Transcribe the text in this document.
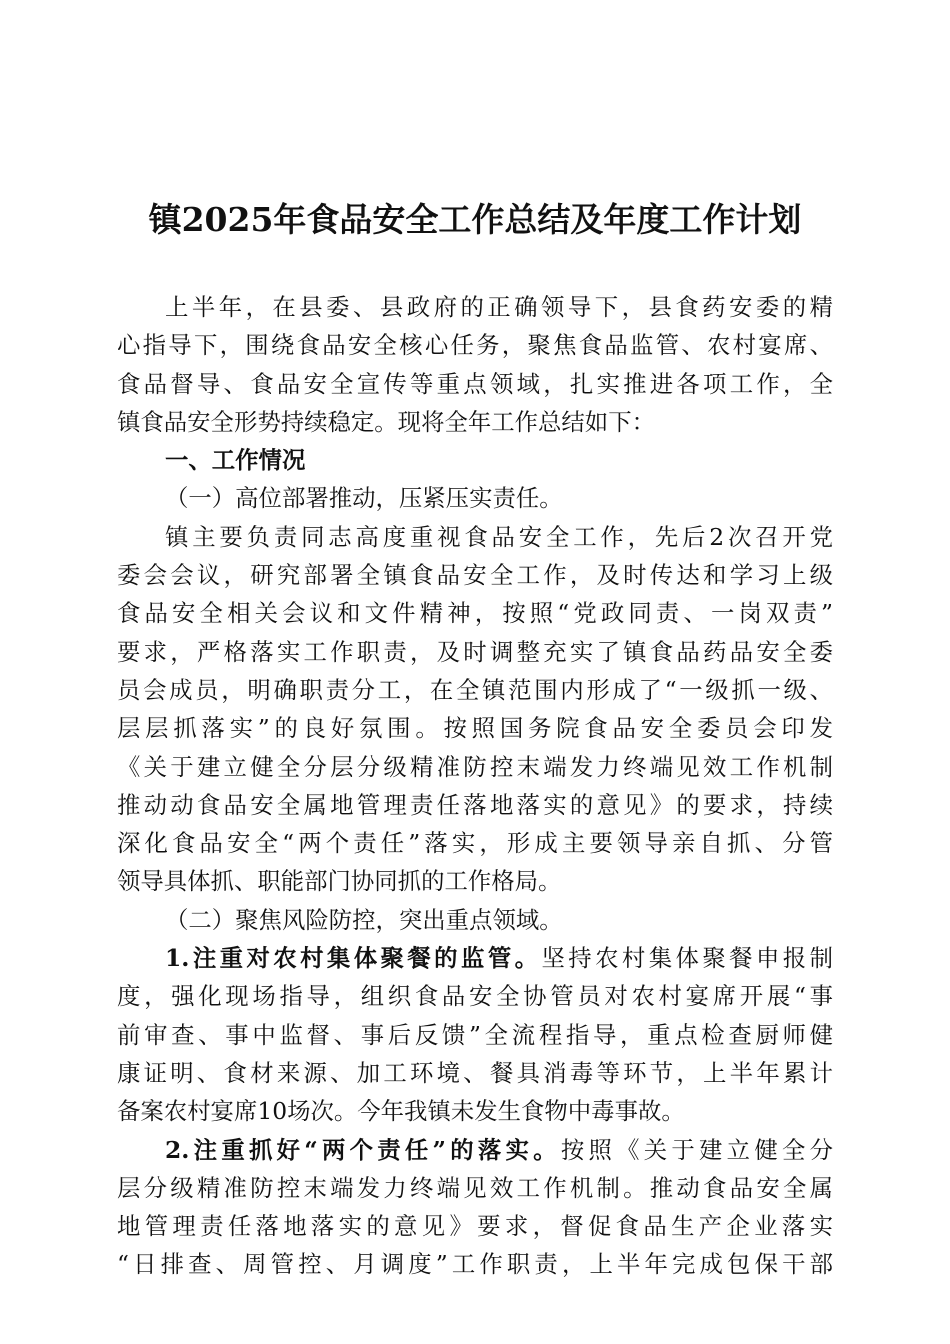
镇2025年食品安全工作总结及年度工作计划
上半年，在县委、县政府的正确领导下，县食药安委的精
心指导下，围绕食品安全核心任务，聚焦食品监管、农村宴席、
食品督导、食品安全宣传等重点领域，扎实推进各项工作，全
镇食品安全形势持续稳定。现将全年工作总结如下：
一、工作情况
（一）高位部署推动，压紧压实责任。
镇主要负责同志高度重视食品安全工作，先后2次召开党
委会会议，研究部署全镇食品安全工作，及时传达和学习上级
食品安全相关会议和文件精神，按照“党政同责、一岗双责”
要求，严格落实工作职责，及时调整充实了镇食品药品安全委
员会成员，明确职责分工，在全镇范围内形成了“一级抓一级、
层层抓落实”的良好氛围。按照国务院食品安全委员会印发
《关于建立健全分层分级精准防控末端发力终端见效工作机制
推动动食品安全属地管理责任落地落实的意见》的要求，持续
深化食品安全“两个责任”落实，形成主要领导亲自抓、分管
领导具体抓、职能部门协同抓的工作格局。
（二）聚焦风险防控，突出重点领域。
1.注重对农村集体聚餐的监管。坚持农村集体聚餐申报制
度，强化现场指导，组织食品安全协管员对农村宴席开展“事
前审查、事中监督、事后反馈”全流程指导，重点检查厨师健
康证明、食材来源、加工环境、餐具消毒等环节，上半年累计
备案农村宴席10场次。今年我镇未发生食物中毒事故。
2.注重抓好“两个责任”的落实。按照《关于建立健全分
层分级精准防控末端发力终端见效工作机制。推动食品安全属
地管理责任落地落实的意见》要求，督促食品生产企业落实
“日排查、周管控、月调度”工作职责，上半年完成包保干部
